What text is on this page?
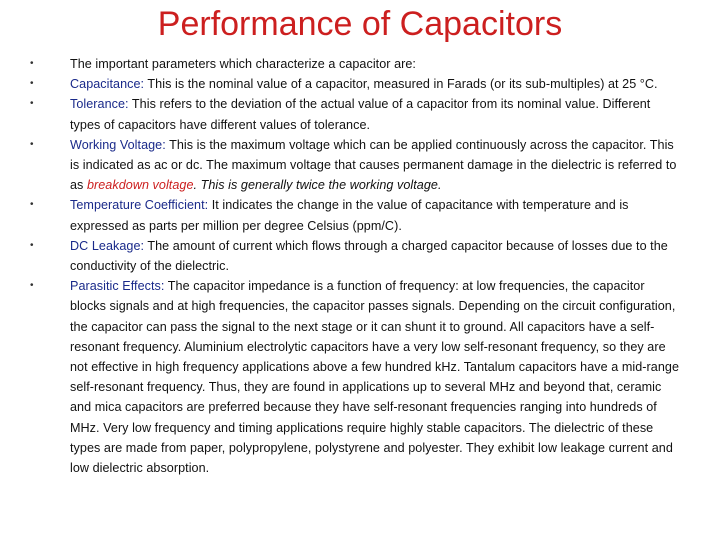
Performance of Capacitors
•	The important parameters which characterize a capacitor are:
•	Capacitance: This is the nominal value of a capacitor, measured in Farads (or its sub-multiples) at 25 °C.
•	Tolerance: This refers to the deviation of the actual value of a capacitor from its nominal value. Different types of capacitors have different values of tolerance.
•	Working Voltage: This is the maximum voltage which can be applied continuously across the capacitor. This is indicated as ac or dc. The maximum voltage that causes permanent damage in the dielectric is referred to as breakdown voltage. This is generally twice the working voltage.
•	Temperature Coefficient: It indicates the change in the value of capacitance with temperature and is expressed as parts per million per degree Celsius (ppm/C).
•	DC Leakage: The amount of current which flows through a charged capacitor because of losses due to the conductivity of the dielectric.
•	Parasitic Effects: The capacitor impedance is a function of frequency: at low frequencies, the capacitor blocks signals and at high frequencies, the capacitor passes signals. Depending on the circuit configuration, the capacitor can pass the signal to the next stage or it can shunt it to ground. All capacitors have a self-resonant frequency. Aluminium electrolytic capacitors have a very low self-resonant frequency, so they are not effective in high frequency applications above a few hundred kHz. Tantalum capacitors have a mid-range self-resonant frequency. Thus, they are found in applications up to several MHz and beyond that, ceramic and mica capacitors are preferred because they have self-resonant frequencies ranging into hundreds of MHz. Very low frequency and timing applications require highly stable capacitors. The dielectric of these types are made from paper, polypropylene, polystyrene and polyester. They exhibit low leakage current and low dielectric absorption.
